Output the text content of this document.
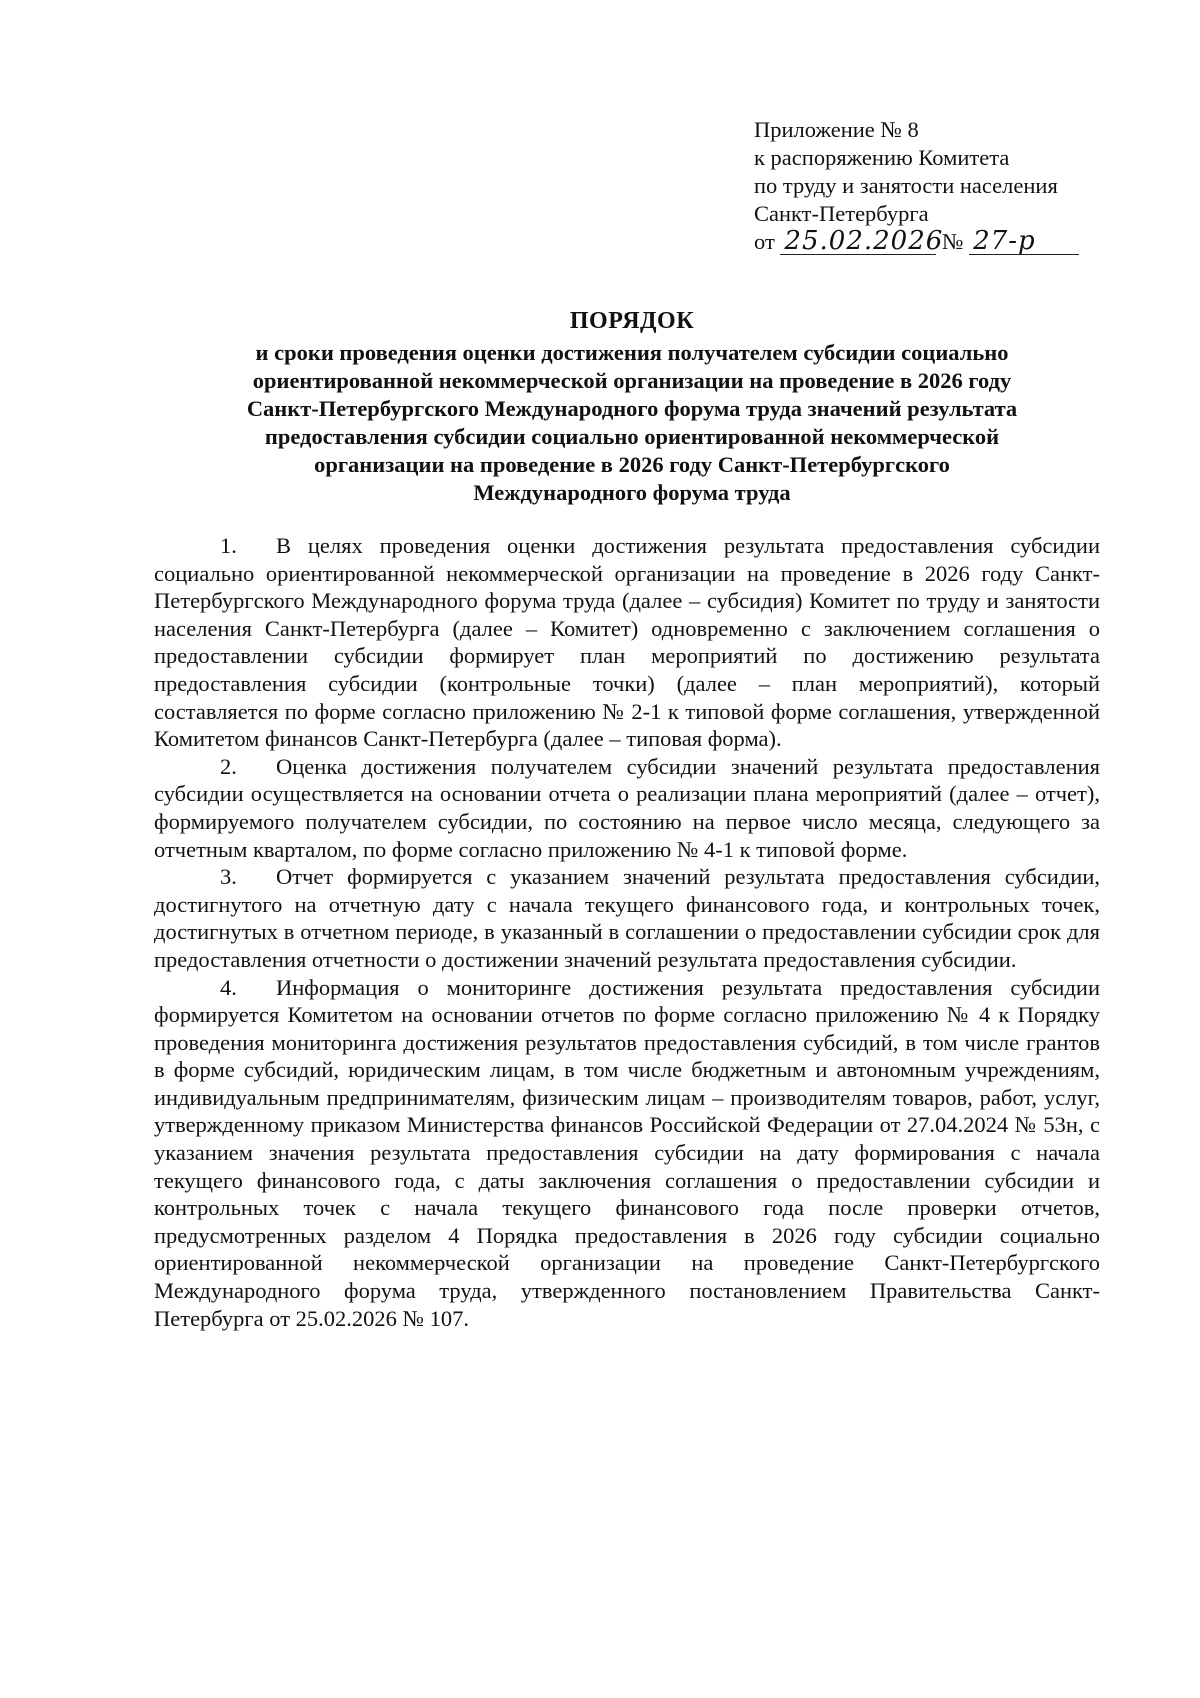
Приложение № 8
к распоряжению Комитета
по труду и занятости населения
Санкт-Петербурга
от 25.02.2026 № 27-р
ПОРЯДОК
и сроки проведения оценки достижения получателем субсидии социально
ориентированной некоммерческой организации на проведение в 2026 году
Санкт-Петербургского Международного форума труда значений результата
предоставления субсидии социально ориентированной некоммерческой
организации на проведение в 2026 году Санкт-Петербургского
Международного форума труда

1. В целях проведения оценки достижения результата предоставления субсидии социально ориентированной некоммерческой организации на проведение в 2026 году Санкт-Петербургского Международного форума труда (далее – субсидия) Комитет по труду и занятости населения Санкт-Петербурга (далее – Комитет) одновременно с заключением соглашения о предоставлении субсидии формирует план мероприятий по достижению результата предоставления субсидии (контрольные точки) (далее – план мероприятий), который составляется по форме согласно приложению № 2-1 к типовой форме соглашения, утвержденной Комитетом финансов Санкт-Петербурга (далее – типовая форма).

2. Оценка достижения получателем субсидии значений результата предоставления субсидии осуществляется на основании отчета о реализации плана мероприятий (далее – отчет), формируемого получателем субсидии, по состоянию на первое число месяца, следующего за отчетным кварталом, по форме согласно приложению № 4-1 к типовой форме.

3. Отчет формируется с указанием значений результата предоставления субсидии, достигнутого на отчетную дату с начала текущего финансового года, и контрольных точек, достигнутых в отчетном периоде, в указанный в соглашении о предоставлении субсидии срок для предоставления отчетности о достижении значений результата предоставления субсидии.

4. Информация о мониторинге достижения результата предоставления субсидии формируется Комитетом на основании отчетов по форме согласно приложению № 4 к Порядку проведения мониторинга достижения результатов предоставления субсидий, в том числе грантов в форме субсидий, юридическим лицам, в том числе бюджетным и автономным учреждениям, индивидуальным предпринимателям, физическим лицам – производителям товаров, работ, услуг, утвержденному приказом Министерства финансов Российской Федерации от 27.04.2024 № 53н, с указанием значения результата предоставления субсидии на дату формирования с начала текущего финансового года, с даты заключения соглашения о предоставлении субсидии и контрольных точек с начала текущего финансового года после проверки отчетов, предусмотренных разделом 4 Порядка предоставления в 2026 году субсидии социально ориентированной некоммерческой организации на проведение Санкт-Петербургского Международного форума труда, утвержденного постановлением Правительства Санкт-Петербурга от 25.02.2026 № 107.
